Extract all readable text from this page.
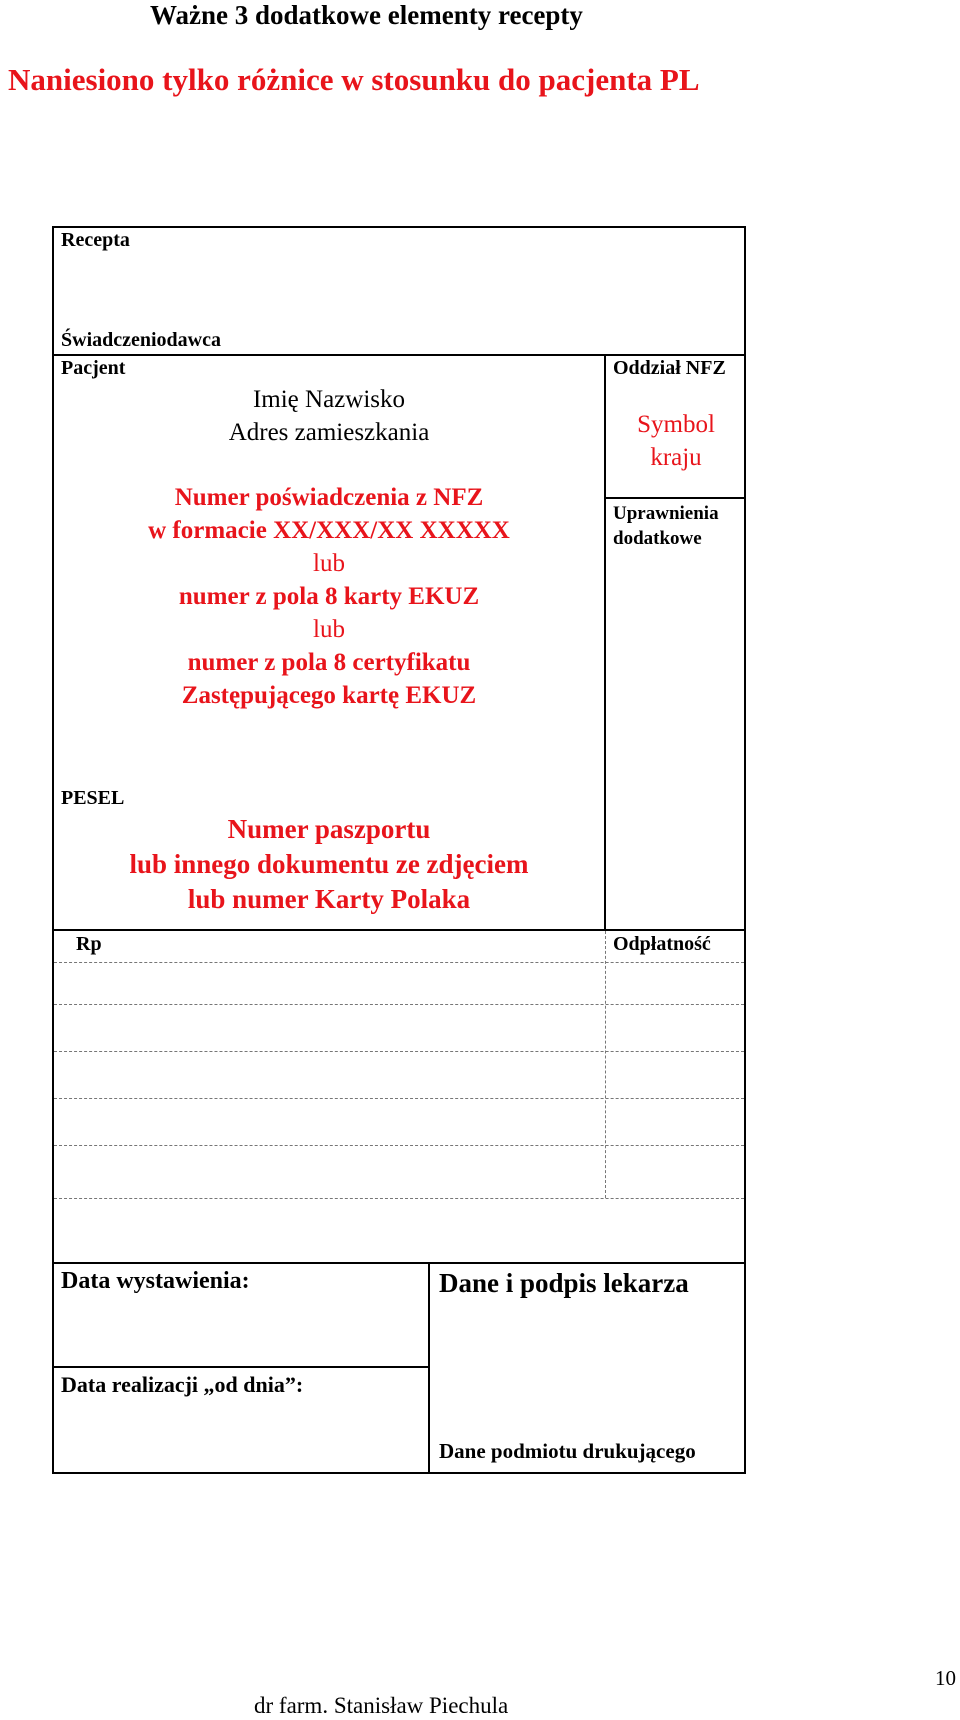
Ważne 3 dodatkowe elementy recepty
Naniesiono tylko różnice w stosunku do pacjenta PL
Recepta
Świadczeniodawca
Pacjent
Imię Nazwisko
Adres zamieszkania
Numer poświadczenia z NFZ
w formacie XX/XXX/XX XXXXX
lub
numer z pola 8 karty EKUZ
lub
numer z pola 8 certyfikatu
Zastępującego kartę EKUZ
Oddział NFZ
Symbol
kraju
Uprawnienia
dodatkowe
PESEL
Numer paszportu
lub innego dokumentu ze zdjęciem
lub numer Karty Polaka
Rp	Odpłatność
Data wystawienia:	Dane i podpis lekarza
Data realizacji „od dnia”:
Dane podmiotu drukującego
10
dr farm. Stanisław Piechula
